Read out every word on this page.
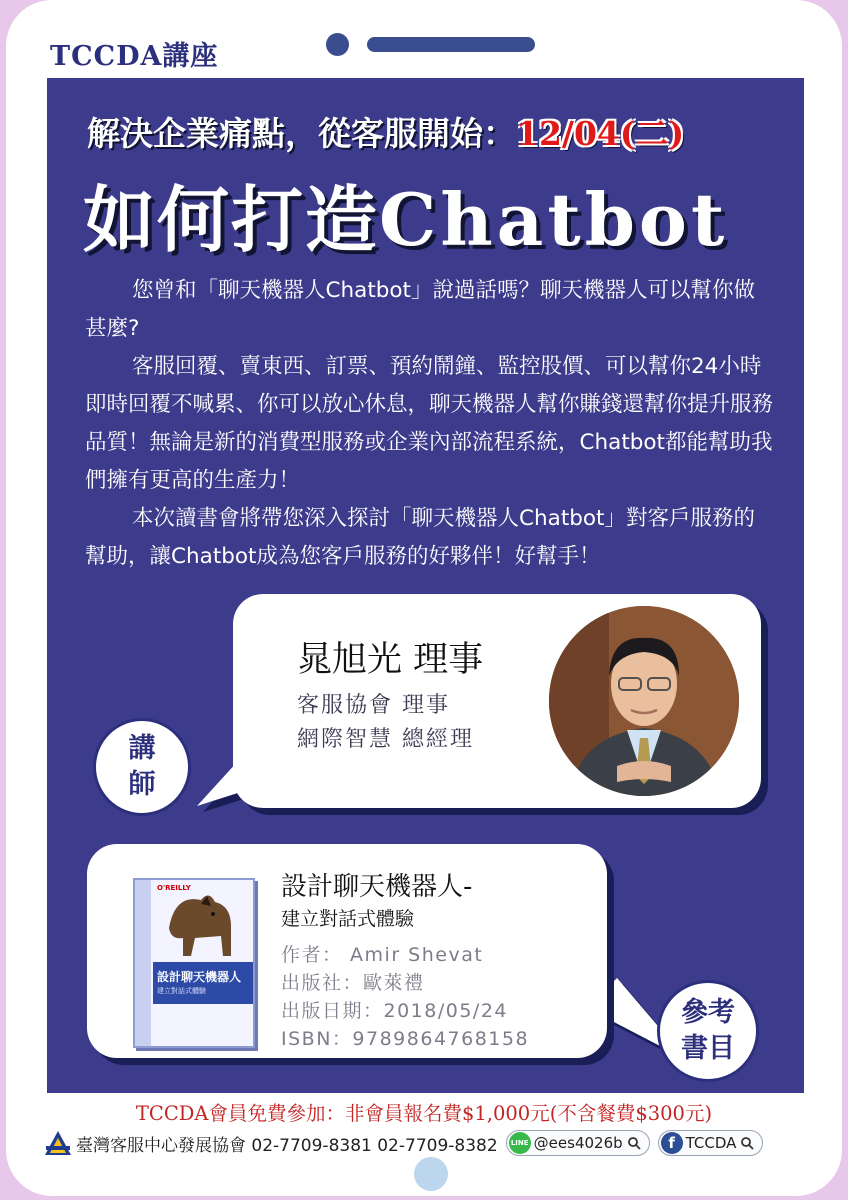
TCCDA講座
解決企業痛點，從客服開始：12/04(二)
如何打造Chatbot

您曾和「聊天機器人Chatbot」說過話嗎？聊天機器人可以幫你做甚麼?

客服回覆、賣東西、訂票、預約鬧鐘、監控股價、可以幫你24小時即時回覆不喊累、你可以放心休息，聊天機器人幫你賺錢還幫你提升服務品質！無論是新的消費型服務或企業內部流程系統，Chatbot都能幫助我們擁有更高的生產力！

本次讀書會將帶您深入探討「聊天機器人Chatbot」對客戶服務的幫助，讓Chatbot成為您客戶服務的好夥伴！好幫手！

晁旭光 理事
客服協會 理事
網際智慧 總經理
講
師
O'REILLY
設計聊天機器人
建立對話式體驗
設計聊天機器人-
建立對話式體驗
作者： Amir Shevat
出版社：歐萊禮
出版日期：2018/05/24
ISBN：9789864768158
參考
書目
TCCDA會員免費參加：非會員報名費$1,000元(不含餐費$300元)
臺灣客服中心發展協會 02-7709-8381 02-7709-8382	LINE @ees4026b	f TCCDA
